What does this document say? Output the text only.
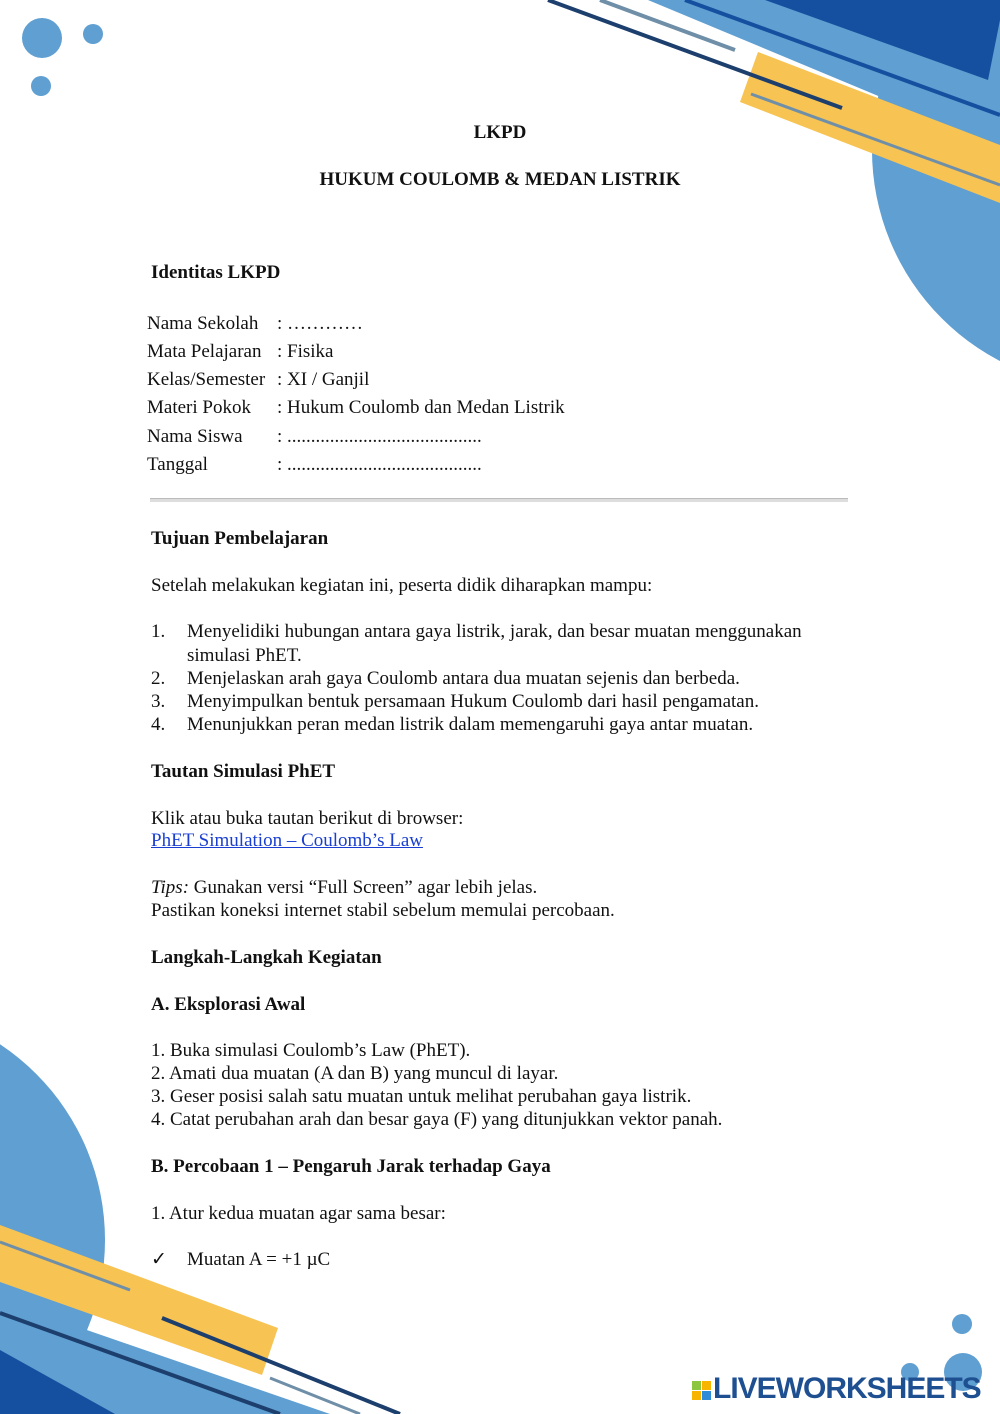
LKPD
HUKUM COULOMB & MEDAN LISTRIK
Identitas LKPD
Nama Sekolah : …………
Mata Pelajaran : Fisika
Kelas/Semester : XI / Ganjil
Materi Pokok : Hukum Coulomb dan Medan Listrik
Nama Siswa : .........................................
Tanggal	: .........................................
Tujuan Pembelajaran
Setelah melakukan kegiatan ini, peserta didik diharapkan mampu:
1. Menyelidiki hubungan antara gaya listrik, jarak, dan besar muatan menggunakan
simulasi PhET.
2. Menjelaskan arah gaya Coulomb antara dua muatan sejenis dan berbeda.
3. Menyimpulkan bentuk persamaan Hukum Coulomb dari hasil pengamatan.
4. Menunjukkan peran medan listrik dalam memengaruhi gaya antar muatan.
Tautan Simulasi PhET
Klik atau buka tautan berikut di browser:
PhET Simulation – Coulomb’s Law
Tips: Gunakan versi “Full Screen” agar lebih jelas.
Pastikan koneksi internet stabil sebelum memulai percobaan.
Langkah-Langkah Kegiatan
A. Eksplorasi Awal
1. Buka simulasi Coulomb’s Law (PhET).
2. Amati dua muatan (A dan B) yang muncul di layar.
3. Geser posisi salah satu muatan untuk melihat perubahan gaya listrik.
4. Catat perubahan arah dan besar gaya (F) yang ditunjukkan vektor panah.
B. Percobaan 1 – Pengaruh Jarak terhadap Gaya
1. Atur kedua muatan agar sama besar:
✓ Muatan A = +1 µC
LIVEWORKSHEETS
